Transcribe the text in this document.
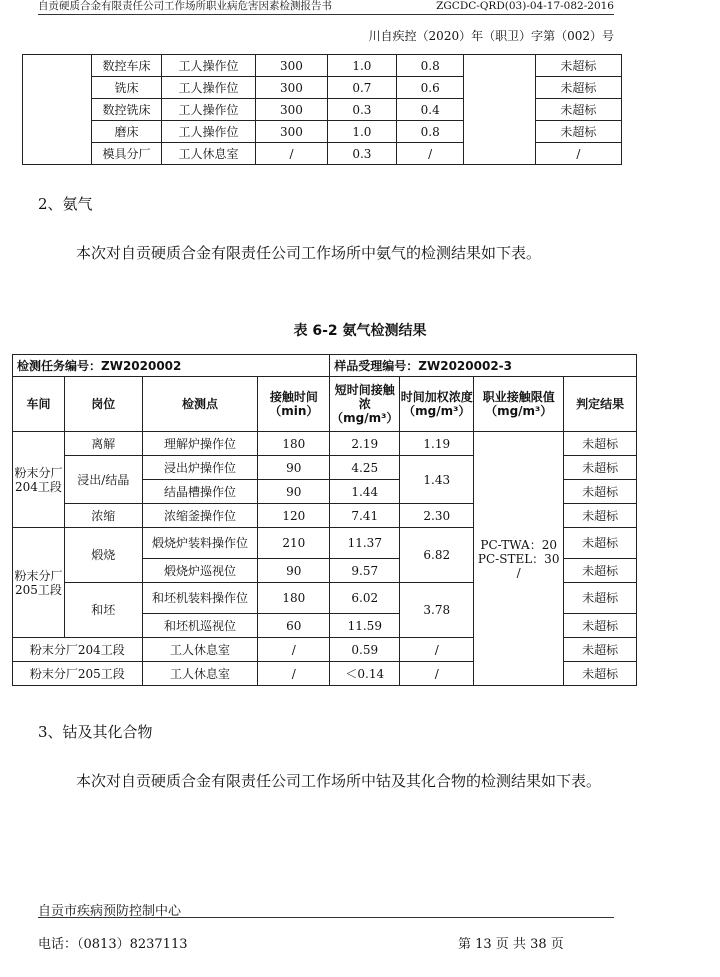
自贡硬质合金有限责任公司工作场所职业病危害因素检测报告书	ZGCDC-QRD(03)-04-17-082-2016
川自疾控（2020）年（职卫）字第（002）号
	数控车床	工人操作位	300	1.0	0.8		未超标
	铣床	工人操作位	300	0.7	0.6		未超标
	数控铣床	工人操作位	300	0.3	0.4		未超标
	磨床	工人操作位	300	1.0	0.8		未超标
	模具分厂	工人休息室	/	0.3	/		/
2、氨气
本次对自贡硬质合金有限责任公司工作场所中氨气的检测结果如下表。
表 6-2 氨气检测结果
检测任务编号：ZW2020002				样品受理编号：ZW2020002-3			
车间	岗位	检测点	接触时间（min）	短时间接触浓（mg/m³）	时间加权浓度（mg/m³）	职业接触限值（mg/m³）	判定结果
粉末分厂204工段	离解	理解炉操作位	180	2.19	1.19	PC-TWA：20 PC-STEL：30 /	未超标
	浸出/结晶	浸出炉操作位	90	4.25	1.43		未超标
		结晶槽操作位	90	1.44			未超标
	浓缩	浓缩釜操作位	120	7.41	2.30		未超标
粉末分厂205工段	煅烧	煅烧炉装料操作位	210	11.37	6.82		未超标
		煅烧炉巡视位	90	9.57			未超标
	和坯	和坯机装料操作位	180	6.02	3.78		未超标
		和坯机巡视位	60	11.59			未超标
粉末分厂204工段		工人休息室	/	0.59	/		未超标
粉末分厂205工段		工人休息室	/	＜0.14	/		未超标
3、钴及其化合物
本次对自贡硬质合金有限责任公司工作场所中钴及其化合物的检测结果如下表。
自贡市疾病预防控制中心
电话：（0813）8237113	第 13 页 共 38 页
